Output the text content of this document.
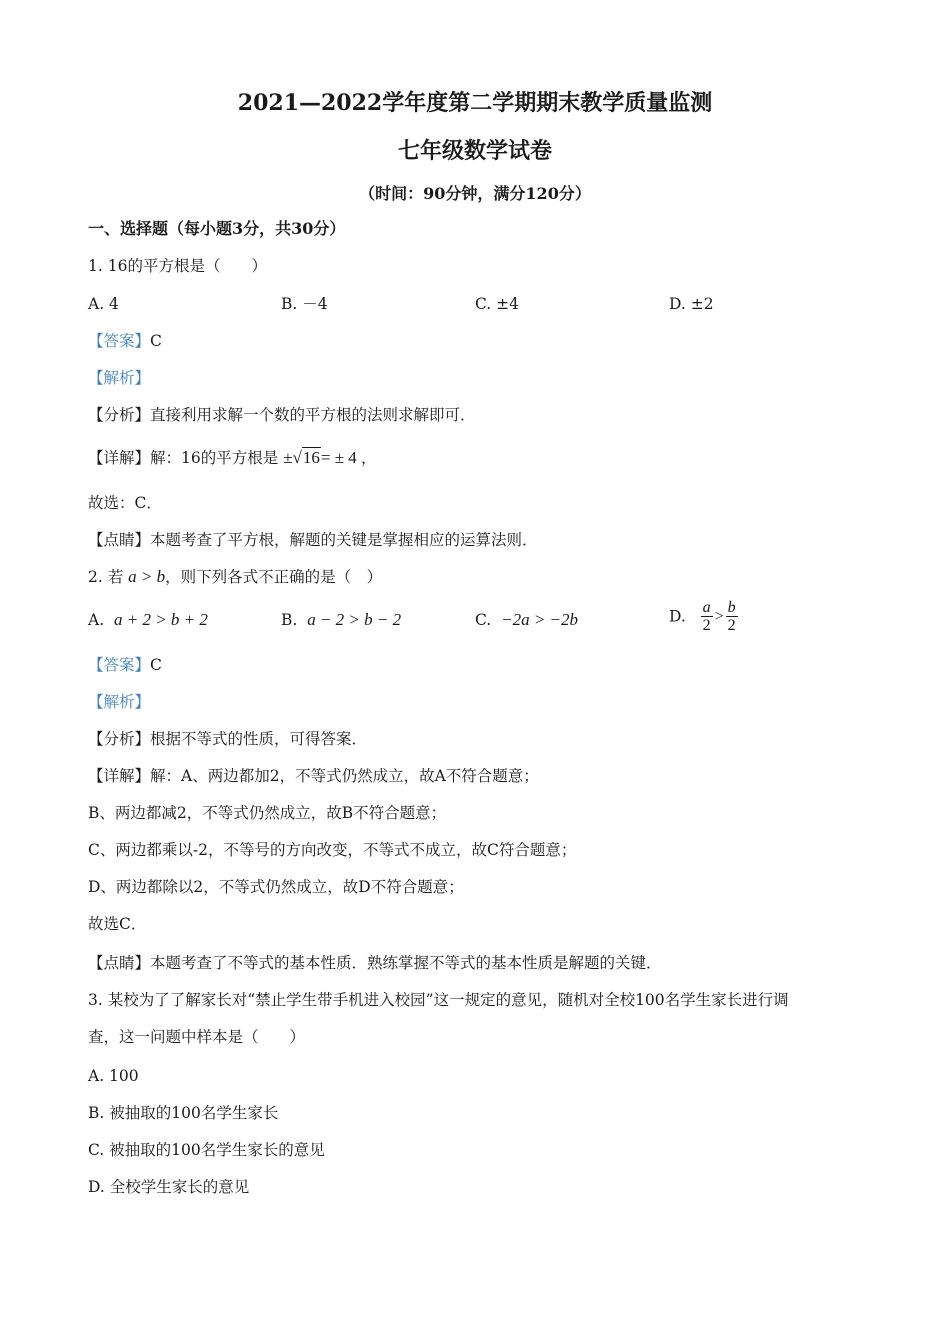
2021—2022学年度第二学期期末教学质量监测
七年级数学试卷
（时间：90分钟，满分120分）
一、选择题（每小题3分，共30分）
1. 16的平方根是（　　）
A. 4	B. －4	C. ±4	D. ±2
【答案】C
【解析】
【分析】直接利用求解一个数的平方根的法则求解即可．
【详解】解：16的平方根是 ±√16= ± 4 ，
故选：C．
【点睛】本题考查了平方根，解题的关键是掌握相应的运算法则．
2. 若 a > b，则下列各式不正确的是（　）
A. a + 2 > b + 2	B. a − 2 > b − 2	C. −2a > −2b	D. $\frac{a}{2} > \frac{b}{2}$
【答案】C
【解析】
【分析】根据不等式的性质，可得答案．
【详解】解：A、两边都加2，不等式仍然成立，故A不符合题意；
B、两边都减2，不等式仍然成立，故B不符合题意；
C、两边都乘以-2，不等号的方向改变，不等式不成立，故C符合题意；
D、两边都除以2，不等式仍然成立，故D不符合题意；
故选C．
【点睛】本题考查了不等式的基本性质．熟练掌握不等式的基本性质是解题的关键．
3. 某校为了了解家长对“禁止学生带手机进入校园”这一规定的意见，随机对全校100名学生家长进行调
查，这一问题中样本是（　　）
A. 100
B. 被抽取的100名学生家长
C. 被抽取的100名学生家长的意见
D. 全校学生家长的意见
